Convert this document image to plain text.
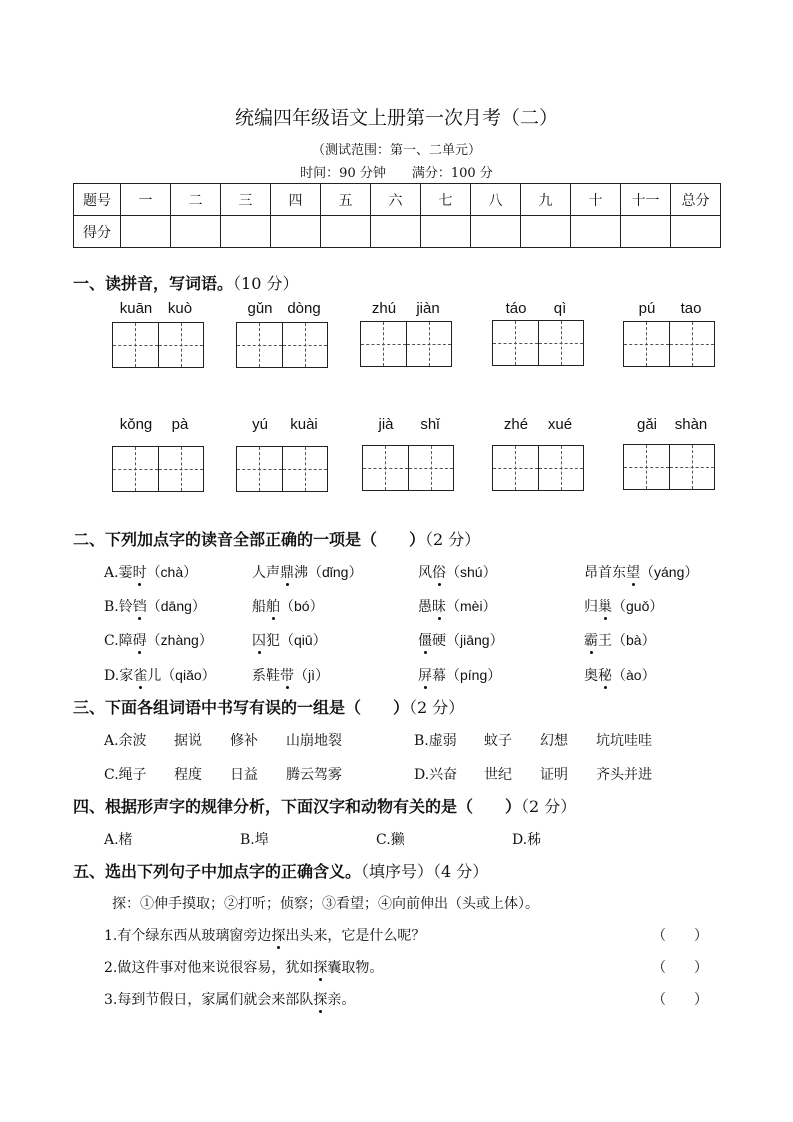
统编四年级语文上册第一次月考（二）
（测试范围：第一、二单元）
时间：90 分钟 满分：100 分
题号	一	二	三	四	五	六	七	八	九	十	十一	总分
得分												
一、读拼音，写词语。（10 分）
kuān kuò	gǔn dòng	zhú jiàn	táo qì	pú tao
kǒng pà	yú kuài	jià shǐ	zhé xué	gǎi shàn
二、下列加点字的读音全部正确的一项是（　　）（2 分）
A.霎时（chà）	人声鼎沸（dǐng）	风俗（shú）	昂首东望（yáng）
B.铃铛（dāng）	船舶（bó）	愚昧（mèi）	归巢（guǒ）
C.障碍（zhàng）	囚犯（qiū）	僵硬（jiāng）	霸王（bà）
D.家雀儿（qiǎo）	系鞋带（jì）	屏幕（píng）	奥秘（ào）
三、下面各组词语中书写有误的一组是（　　）（2 分）
A.余波 据说 修补 山崩地裂	B.虚弱 蚊子 幻想 坑坑哇哇
C.绳子 程度 日益 腾云驾雾	D.兴奋 世纪 证明 齐头并进
四、根据形声字的规律分析，下面汉字和动物有关的是（　　）（2 分）
A.楮	B.埠	C.獭	D.秭
五、选出下列句子中加点字的正确含义。（填序号）（4 分）
探：①伸手摸取；②打听；侦察；③看望；④向前伸出（头或上体）。
1.有个绿东西从玻璃窗旁边探出头来，它是什么呢？	（　　）
2.做这件事对他来说很容易，犹如探囊取物。	（　　）
3.每到节假日，家属们就会来部队探亲。	（　　）
